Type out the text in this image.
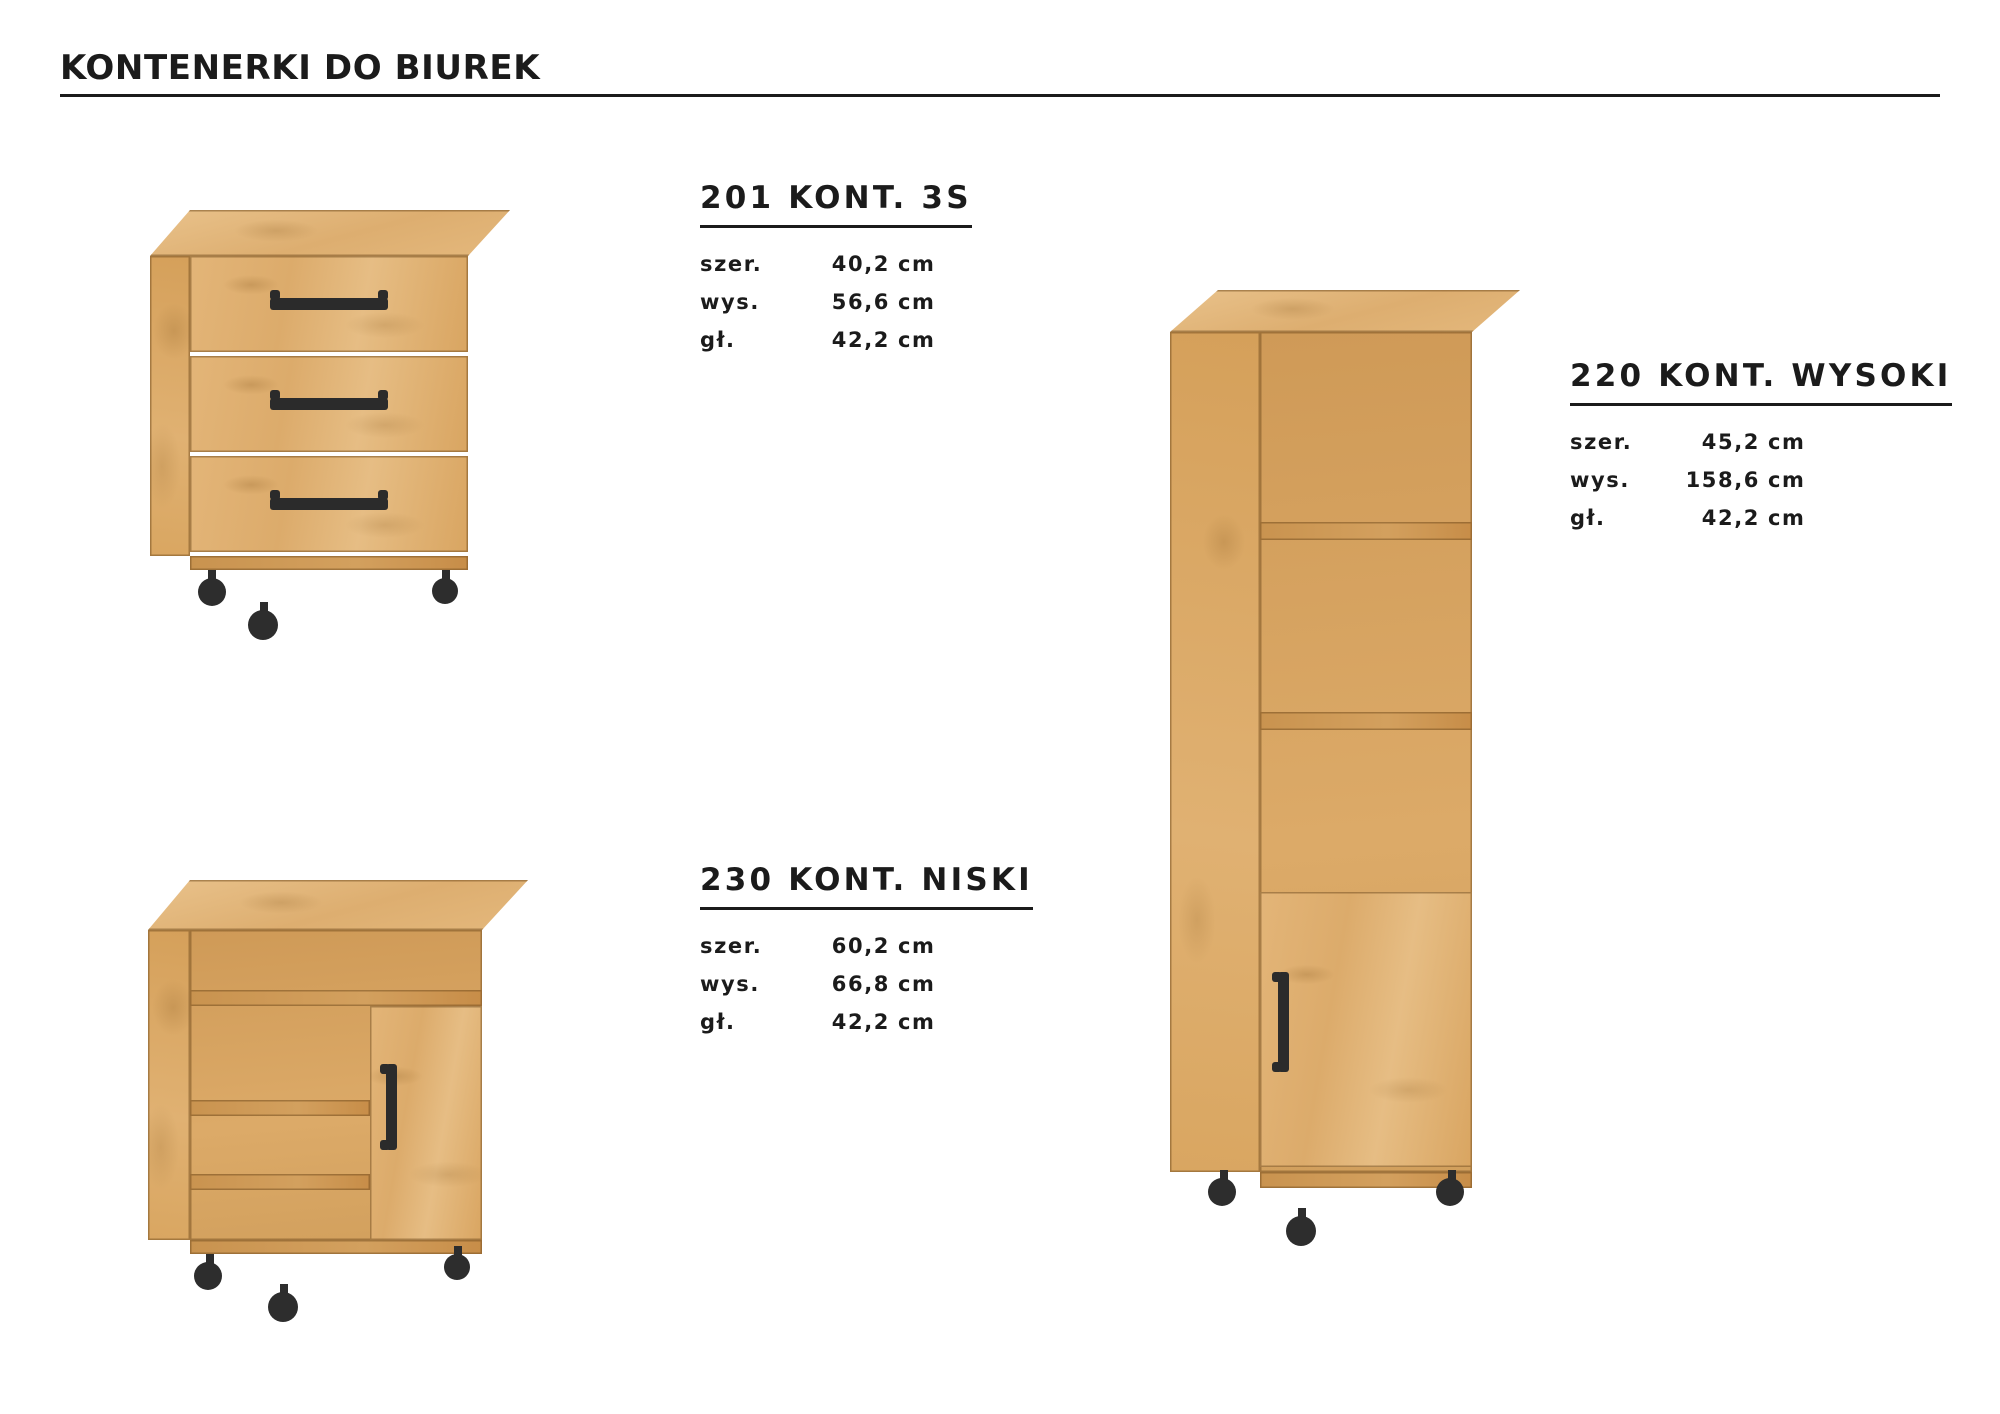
KONTENERKI DO BIUREK
201 KONT. 3S
szer.	40,2 cm
wys.	56,6 cm
gł.	42,2 cm
230 KONT. NISKI
szer.	60,2 cm
wys.	66,8 cm
gł.	42,2 cm
220 KONT. WYSOKI
szer.	45,2 cm
wys.	158,6 cm
gł.	42,2 cm
